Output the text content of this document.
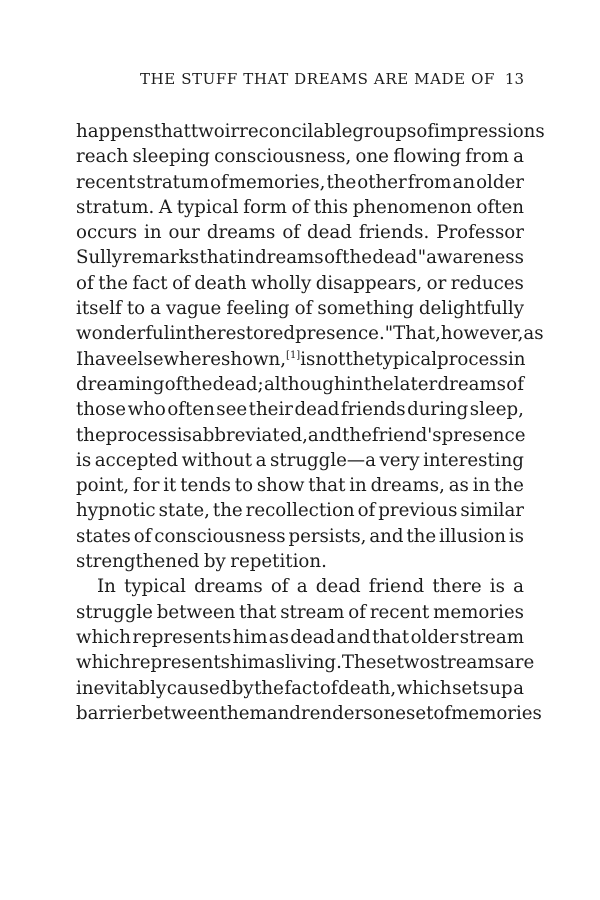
THE STUFF THAT DREAMS ARE MADE OF 13
happens that two irreconcilable groups of impressions
reach sleeping consciousness, one flowing from a
recent stratum of memories, the other from an older
stratum. A typical form of this phenomenon often
occurs in our dreams of dead friends. Professor
Sully remarks that in dreams of the dead "awareness
of the fact of death wholly disappears, or reduces
itself to a vague feeling of something delightfully
wonderful in the restored presence." That, however, as
I have elsewhere shown,[1] is not the typical process in
dreaming of the dead; although in the later dreams of
those who often see their dead friends during sleep,
the process is abbreviated, and the friend's presence
is accepted without a struggle—a very interesting
point, for it tends to show that in dreams, as in the
hypnotic state, the recollection of previous similar
states of consciousness persists, and the illusion is
strengthened by repetition.
In typical dreams of a dead friend there is a
struggle between that stream of recent memories
which represents him as dead and that older stream
which represents him as living. These two streams are
inevitably caused by the fact of death, which sets up a
barrier between them and renders one set of memories
